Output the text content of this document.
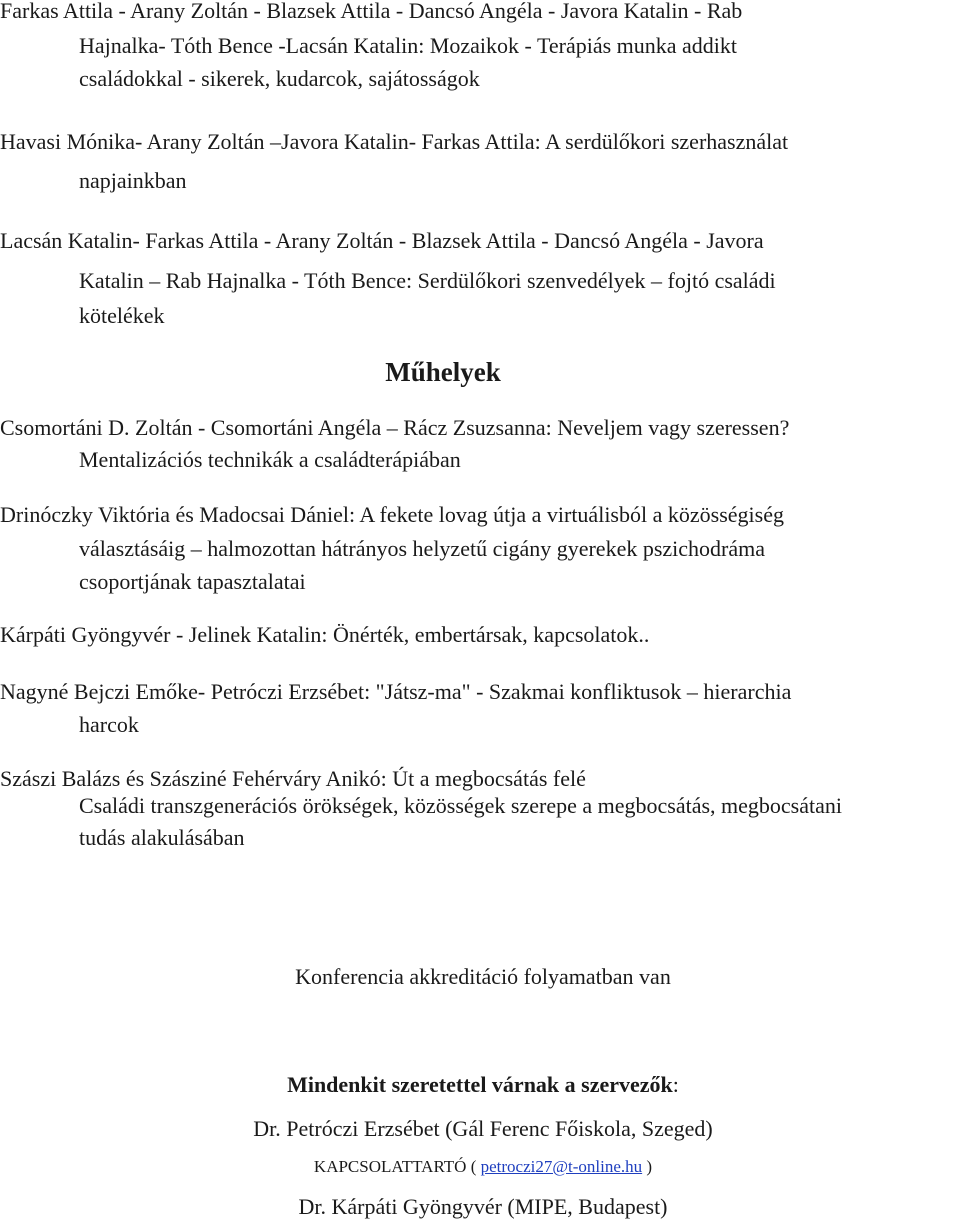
Farkas Attila - Arany Zoltán - Blazsek Attila - Dancsó Angéla - Javora Katalin - Rab

Hajnalka- Tóth Bence -Lacsán Katalin: Mozaikok - Terápiás munka addikt

családokkal - sikerek, kudarcok, sajátosságok

Havasi Mónika- Arany Zoltán –Javora Katalin- Farkas Attila: A serdülőkori szerhasználat

napjainkban

Lacsán Katalin- Farkas Attila - Arany Zoltán - Blazsek Attila - Dancsó Angéla - Javora

Katalin – Rab Hajnalka - Tóth Bence: Serdülőkori szenvedélyek – fojtó családi

kötelékek

Műhelyek

Csomortáni D. Zoltán - Csomortáni Angéla – Rácz Zsuzsanna: Neveljem vagy szeressen?

Mentalizációs technikák a családterápiában

Drinóczky Viktória és Madocsai Dániel: A fekete lovag útja a virtuálisból a közösségiség

választásáig – halmozottan hátrányos helyzetű cigány gyerekek pszichodráma

csoportjának tapasztalatai

Kárpáti Gyöngyvér - Jelinek Katalin: Önérték, embertársak, kapcsolatok..

Nagyné Bejczi Emőke- Petróczi Erzsébet: "Játsz-ma" - Szakmai konfliktusok – hierarchia

harcok

Szászi Balázs és Szásziné Fehérváry Anikó: Út a megbocsátás felé

Családi transzgenerációs örökségek, közösségek szerepe a megbocsátás, megbocsátani

tudás alakulásában

Konferencia akkreditáció folyamatban van

Mindenkit szeretettel várnak a szervezők:

Dr. Petróczi Erzsébet (Gál Ferenc Főiskola, Szeged)

KAPCSOLATTARTÓ ( petroczi27@t-online.hu )

Dr. Kárpáti Gyöngyvér (MIPE, Budapest)
